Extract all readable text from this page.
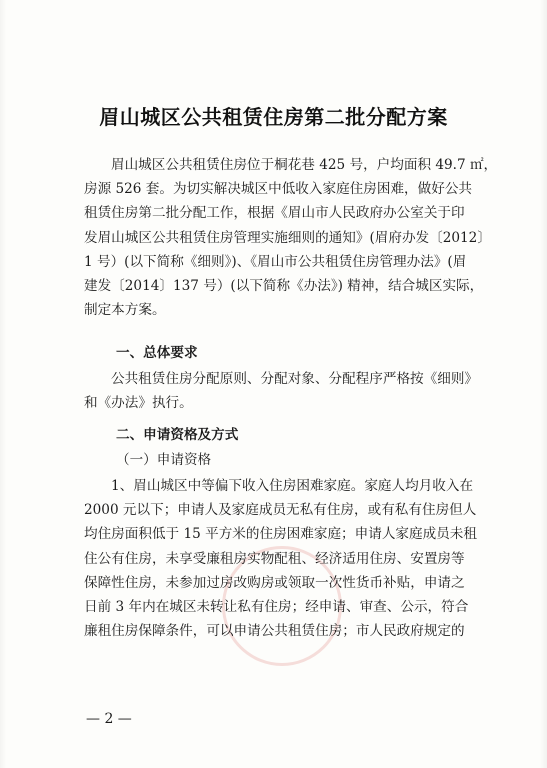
眉山城区公共租赁住房第二批分配方案

眉山城区公共租赁住房位于桐花巷 425 号，户均面积 49.7 ㎡，
房源 526 套。为切实解决城区中低收入家庭住房困难，做好公共
租赁住房第二批分配工作，根据《眉山市人民政府办公室关于印
发眉山城区公共租赁住房管理实施细则的通知》(眉府办发〔2012〕
1 号）(以下简称《细则》)、《眉山市公共租赁住房管理办法》(眉
建发〔2014〕137 号）(以下简称《办法》) 精神，结合城区实际，
制定本方案。

一、总体要求

公共租赁住房分配原则、分配对象、分配程序严格按《细则》
和《办法》执行。

二、申请资格及方式
（一）申请资格

1、眉山城区中等偏下收入住房困难家庭。家庭人均月收入在
2000 元以下；申请人及家庭成员无私有住房，或有私有住房但人
均住房面积低于 15 平方米的住房困难家庭；申请人家庭成员未租
住公有住房，未享受廉租房实物配租、经济适用住房、安置房等
保障性住房，未参加过房改购房或领取一次性货币补贴，申请之
日前 3 年内在城区未转让私有住房；经申请、审查、公示，符合
廉租住房保障条件，可以申请公共租赁住房；市人民政府规定的

— 2 —
